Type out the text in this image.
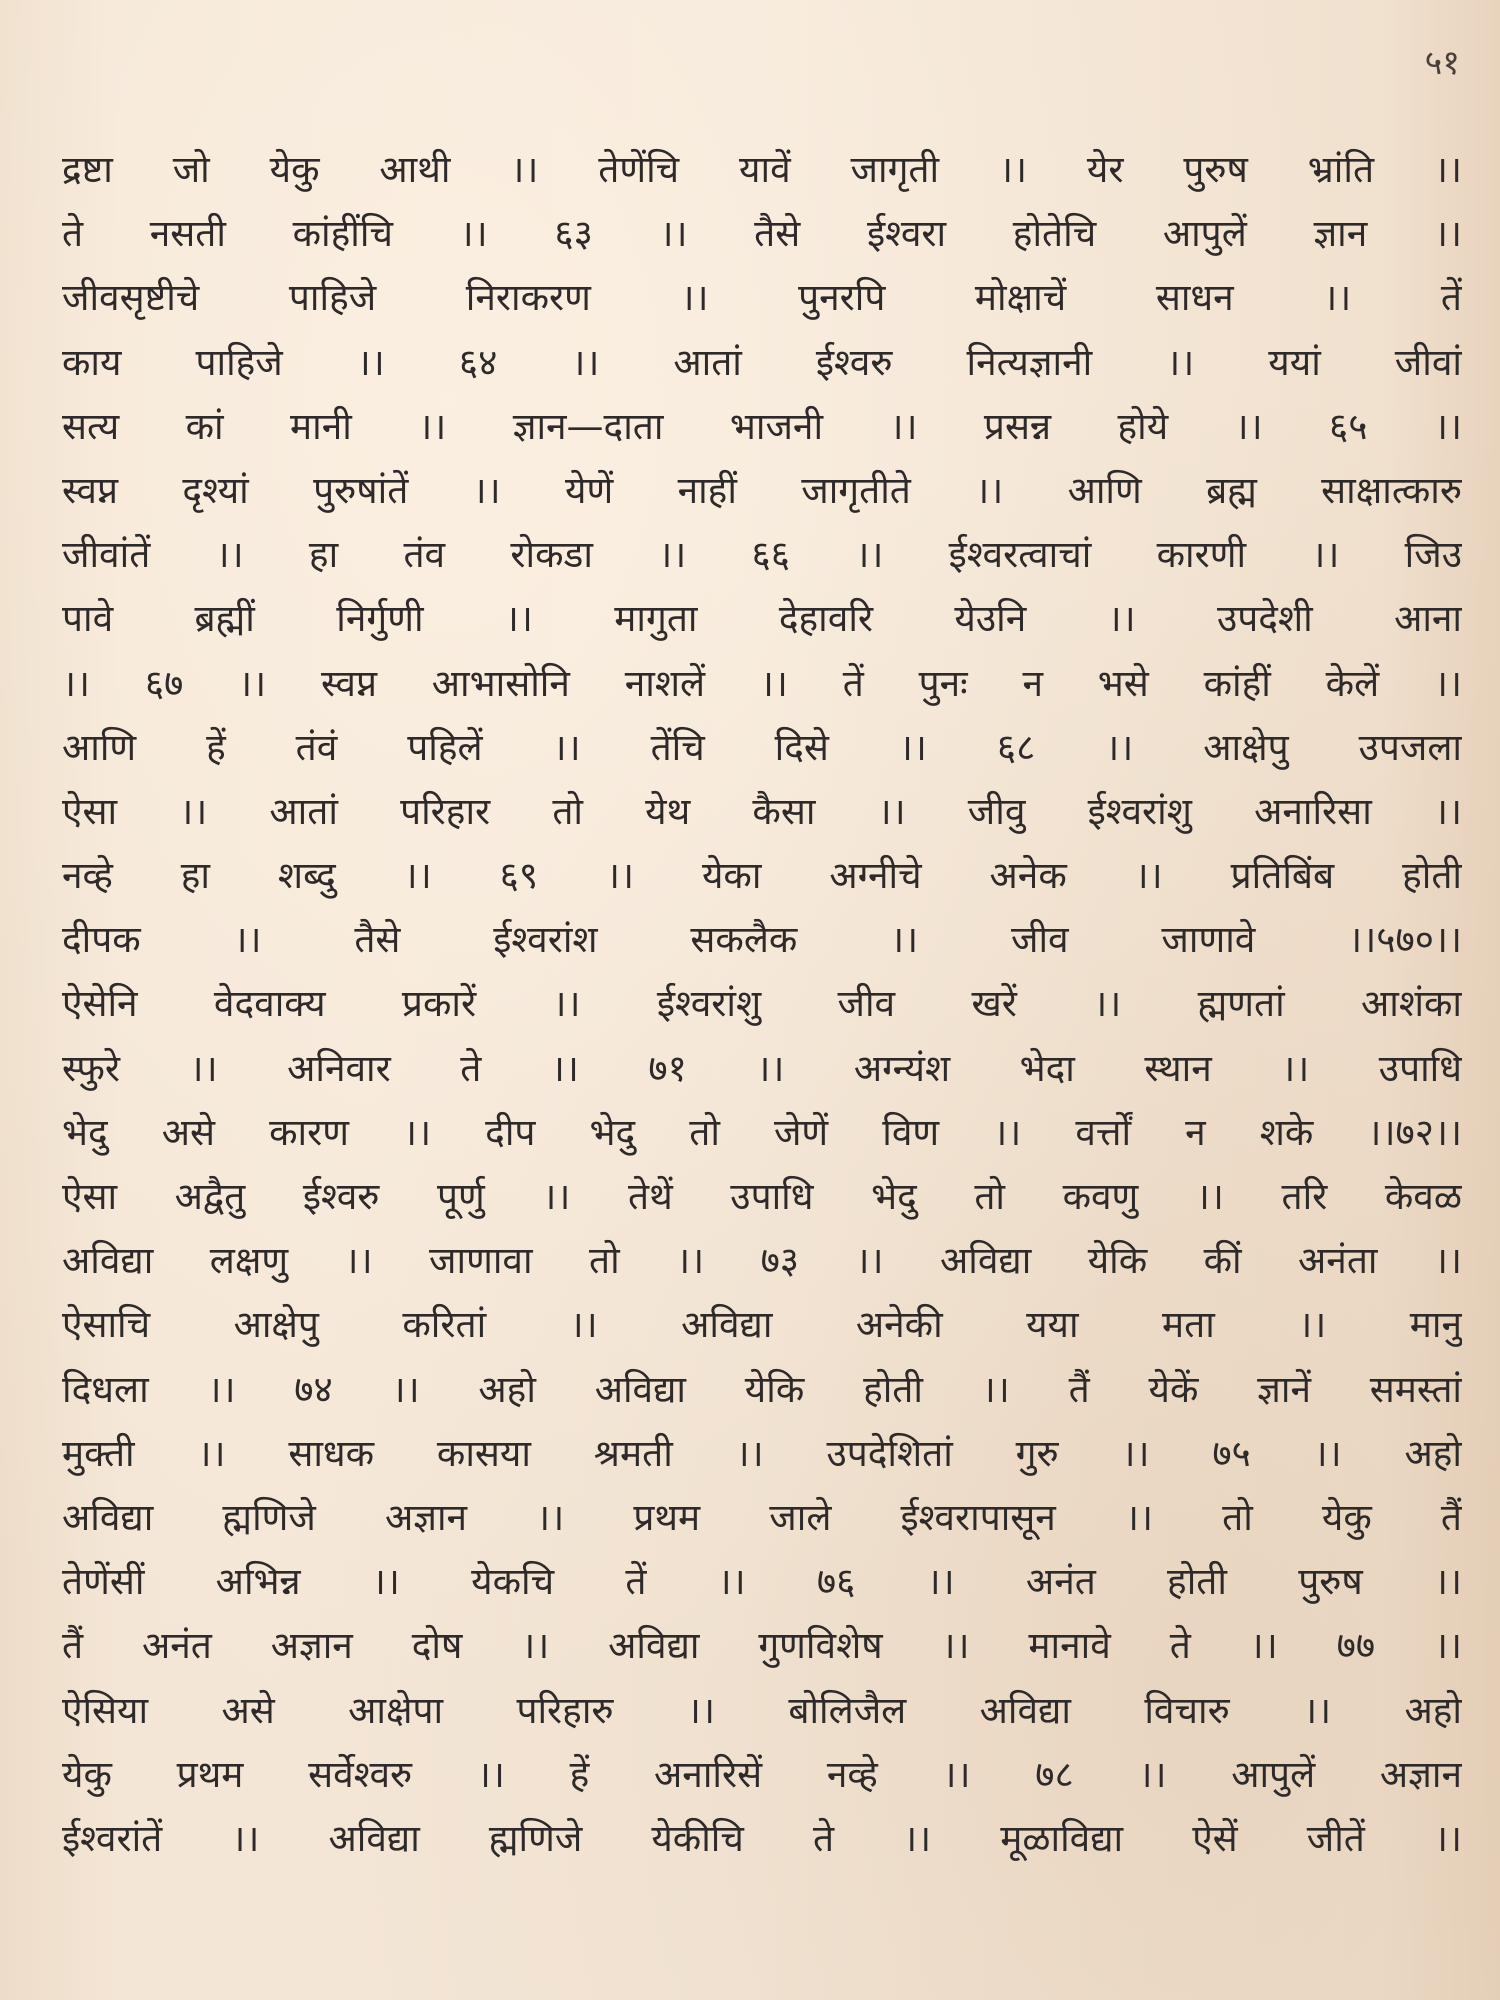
५१
द्रष्टा जो येकु आथी ।। तेणेंचि यावें जागृती ।। येर पुरुष भ्रांति ।।
ते नसती कांहींचि ।। ६३ ।। तैसे ईश्वरा होतेचि आपुलें ज्ञान ।।
जीवसृष्टीचे पाहिजे निराकरण ।। पुनरपि मोक्षाचें साधन ।। तें
काय पाहिजे ।। ६४ ।। आतां ईश्वरु नित्यज्ञानी ।। ययां जीवां
सत्य कां मानी ।। ज्ञान—दाता भाजनी ।। प्रसन्न होये ।। ६५ ।।
स्वप्न दृश्यां पुरुषांतें ।। येणें नाहीं जागृतीते ।। आणि ब्रह्म साक्षात्कारु
जीवांतें ।। हा तंव रोकडा ।। ६६ ।। ईश्वरत्वाचां कारणी ।। जिउ
पावे ब्रह्मीं निर्गुणी ।। मागुता देहावरि येउनि ।। उपदेशी आना
।। ६७ ।। स्वप्न आभासोनि नाशलें ।। तें पुनः न भसे कांहीं केलें ।।
आणि हें तंवं पहिलें ।। तेंचि दिसे ।। ६८ ।। आक्षेपु उपजला
ऐसा ।। आतां परिहार तो येथ कैसा ।। जीवु ईश्वरांशु अनारिसा ।।
नव्हे हा शब्दु ।। ६९ ।। येका अग्नीचे अनेक ।। प्रतिबिंब होती
दीपक ।। तैसे ईश्वरांश सकलैक ।। जीव जाणावे ।।५७०।।
ऐसेनि वेदवाक्य प्रकारें ।। ईश्वरांशु जीव खरें ।। ह्मणतां आशंका
स्फुरे ।। अनिवार ते ।। ७१ ।। अग्न्यंश भेदा स्थान ।। उपाधि
भेदु असे कारण ।। दीप भेदु तो जेणें विण ।। वर्त्तों न शके ।।७२।।
ऐसा अद्वैतु ईश्वरु पूर्णु ।। तेथें उपाधि भेदु तो कवणु ।। तरि केवळ
अविद्या लक्षणु ।। जाणावा तो ।। ७३ ।। अविद्या येकि कीं अनंता ।।
ऐसाचि आक्षेपु करितां ।। अविद्या अनेकी यया मता ।। मानु
दिधला ।। ७४ ।। अहो अविद्या येकि होती ।। तैं येकें ज्ञानें समस्तां
मुक्ती ।। साधक कासया श्रमती ।। उपदेशितां गुरु ।। ७५ ।। अहो
अविद्या ह्मणिजे अज्ञान ।। प्रथम जाले ईश्वरापासून ।। तो येकु तैं
तेणेंसीं अभिन्न ।। येकचि तें ।। ७६ ।। अनंत होती पुरुष ।।
तैं अनंत अज्ञान दोष ।। अविद्या गुणविशेष ।। मानावे ते ।। ७७ ।।
ऐसिया असे आक्षेपा परिहारु ।। बोलिजैल अविद्या विचारु ।। अहो
येकु प्रथम सर्वेश्वरु ।। हें अनारिसें नव्हे ।। ७८ ।। आपुलें अज्ञान
ईश्वरांतें ।। अविद्या ह्मणिजे येकीचि ते ।। मूळाविद्या ऐसें जीतें ।।
